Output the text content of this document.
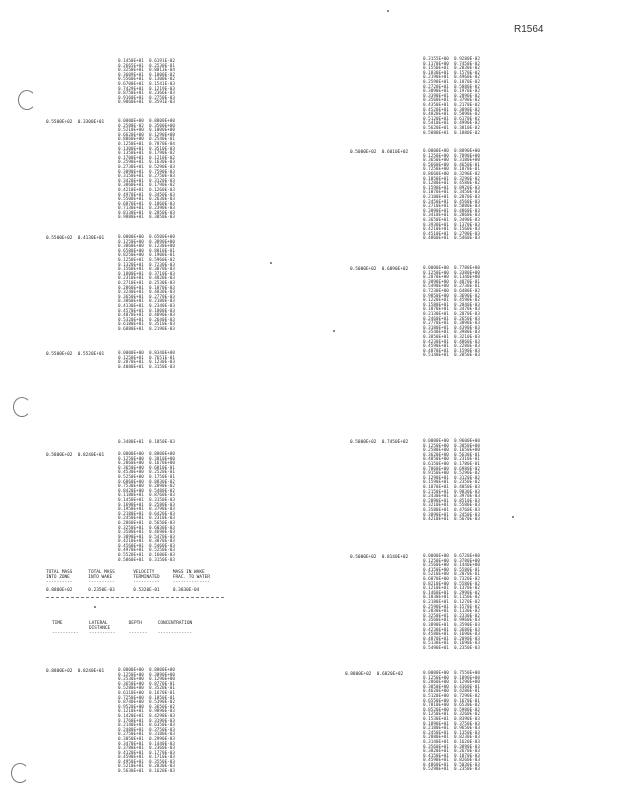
R1564
0.1450E+01  0.6191E-02
0.2665E+01  0.2530E-01
0.3250E+01  0.8013E-04
0.3609E+01  0.1000E-02
0.5560E+01  0.1300E-02
0.6700E+01  0.1541E-03
0.7429E+01  0.1219E-03
0.8750E+01  0.2366E-03
0.9160E+01  0.2750E-03
0.9860E+01  0.3591E-03
0.5500E+02  0.3300E+01	0.0000E+00  0.8800E+00
0.2580E-02  0.3500E+00
0.5210E+00  0.1000E+00
0.6620E+00  0.1290E+00
0.8860E+00  0.2540E-01
0.1250E+01  0.7870E-04
0.1300E+01  0.3510E-03
0.1350E+01  0.1790E-02
0.1700E+01  0.1210E-02
0.2590E+01  0.1630E-03
0.2730E+01  0.5290E-03
0.3090E+01  0.7590E-03
0.3150E+01  0.2750E-03
0.3420E+01  0.3120E-03
0.3860E+01  0.1790E-02
0.4210E+01  0.1260E-03
0.4970E+01  0.3450E-03
0.5500E+01  0.2630E-03
0.6870E+01  0.1860E-03
0.7130E+01  0.2390E-03
0.8130E+01  0.2850E-03
0.9880E+01  0.3050E-03
0.5500E+02  0.4130E+01	0.0000E+00  0.6500E+00
0.1250E+00  0.3890E+00
0.3860E+00  0.1230E+00
0.6580E+00  0.8010E-01
0.8250E+00  0.1900E-01
0.1250E+01  0.5960E-02
0.1320E+01  0.7230E-03
0.1560E+01  0.3070E-03
0.1800E+01  0.3710E-03
0.2310E+01  0.4820E-03
0.2710E+01  0.2530E-03
0.2860E+01  0.1870E-03
0.3240E+01  0.4830E-03
0.3650E+01  0.2770E-03
0.3860E+01  0.2180E-03
0.4130E+01  0.2340E-03
0.4570E+01  0.1800E-03
0.4870E+01  0.4890E-03
0.5320E+01  0.2640E-03
0.6180E+01  0.3510E-03
0.6880E+01  0.2190E-03
0.5500E+02  0.5520E+01	0.0000E+00  0.8340E+00
0.1250E+01  0.7651E-01
0.2870E+01  0.1230E-03
0.4080E+01  0.3150E-03
0.3480E+01  0.1850E-03
0.5800E+02  0.8240E+01	0.0000E+00  0.8800E+00
0.1250E+00  0.3810E+00
0.2860E+00  0.1670E+00
0.3650E+00  0.6810E-01
0.4530E+00  0.2520E-01
0.5250E+00  0.1750E-01
0.6860E+00  0.8830E-02
0.7530E+00  0.2890E-02
0.8420E+00  0.5480E-02
0.1180E+01  0.8760E-03
0.1450E+01  0.3150E-03
0.1690E+01  0.2580E-03
0.1950E+01  0.3790E-03
0.2180E+01  0.6420E-03
0.2450E+01  0.2310E-03
0.2860E+01  0.5650E-03
0.3250E+01  0.6030E-03
0.3580E+01  0.4690E-03
0.3890E+01  0.5470E-03
0.4210E+01  0.3870E-03
0.4560E+01  0.5460E-03
0.4970E+01  0.5250E-03
0.5520E+01  0.1600E-03
0.5860E+01  0.3150E-03
TOTAL MASS      TOTAL MASS       VELOCITY       MASS IN WAKE
INTO ZONE       INTO WAKE        TERMINATED     FRAC. TO WATER
----------      ----------       ----------     --------------
0.8800E+02      0.2350E-03       0.5320E-01     0.3830E-04
TIME          LATERAL        DEPTH      CONCENTRATION
DISTANCE
----------    ----------     -------    -------------
0.8800E+02  0.8240E+01	0.0000E+00  0.8800E+00
0.1250E+00  0.3890E+00
0.2530E+00  0.1290E+00
0.3650E+00  0.8770E-01
0.5280E+00  0.3520E-01
0.6110E+00  0.1670E-01
0.7250E+00  0.1850E-01
0.8740E+00  0.5390E-02
0.9520E+00  0.3650E-02
0.1210E+01  0.9890E-03
0.1420E+01  0.4290E-03
0.1760E+01  0.3190E-03
0.2140E+01  0.6350E-03
0.2480E+01  0.3750E-03
0.2750E+01  0.3180E-03
0.3050E+01  0.2990E-03
0.3470E+01  0.1440E-03
0.3780E+01  0.2360E-03
0.4120E+01  0.1770E-03
0.4590E+01  0.1710E-03
0.4950E+01  0.3550E-03
0.5210E+01  0.2830E-03
0.5630E+01  0.1620E-03
0.3155E+00  0.9280E-02
0.1170E+00  0.7450E-02
0.1550E+01  0.2830E-02
0.1830E+01  0.1570E-02
0.2190E+01  0.4960E-02
0.2590E+01  0.1870E-02
0.2720E+01  0.5880E-02
0.3090E+01  0.1970E-02
0.3390E+01  0.2890E-02
0.3560E+01  0.3790E-02
0.4350E+01  0.2170E-02
0.4520E+01  0.3890E-02
0.4820E+01  0.5890E-02
0.5120E+01  0.6170E-02
0.5410E+01  0.4990E-02
0.5620E+01  0.3810E-02
0.5880E+01  0.1880E-02
0.5000E+02  0.6010E+02	0.0000E+00  0.8890E+00
0.1250E+00  0.7890E+00
0.3650E+00  0.3180E+00
0.5660E+00  0.4650E-01
0.7250E+00  0.1870E-01
0.8660E+00  0.3290E-02
0.1050E+01  0.3290E-02
0.1280E+01  0.4580E-02
0.1590E+01  0.8920E-03
0.1870E+01  0.3450E-03
0.2180E+01  0.2870E-03
0.2450E+01  0.4560E-03
0.2710E+01  0.5880E-03
0.3090E+01  0.4860E-03
0.3410E+01  0.2860E-03
0.3650E+01  0.3490E-03
0.3930E+01  0.1370E-03
0.4210E+01  0.1560E-03
0.4510E+01  0.2790E-03
0.4860E+01  0.5460E-03
0.5000E+02  0.6890E+02	0.0000E+00  0.7780E+00
0.1250E+00  0.3380E+00
0.2870E+00  0.1340E+00
0.3890E+00  0.4870E-01
0.5490E+00  0.2730E-01
0.7230E+00  0.6480E-02
0.9850E+00  0.3690E-02
0.1220E+01  0.4590E-02
0.1580E+01  0.2840E-03
0.1870E+01  0.3470E-03
0.2130E+01  0.2870E-03
0.2460E+01  0.2650E-03
0.2770E+01  0.3890E-03
0.3180E+01  0.4390E-03
0.3540E+01  0.3980E-03
0.3850E+01  0.3210E-03
0.4230E+01  0.4860E-03
0.4590E+01  0.2280E-03
0.4870E+01  0.1590E-03
0.5140E+01  0.2850E-03
0.5000E+02  0.7450E+02	0.0000E+00  0.9600E+00
0.1250E+00  0.3850E+00
0.2580E+00  0.1650E+00
0.3620E+00  0.5630E-01
0.4850E+00  0.2310E-01
0.6150E+00  0.1780E-01
0.7860E+00  0.6980E-02
0.9150E+00  0.5290E-02
0.1290E+01  0.3120E-02
0.1590E+01  0.2350E-02
0.1870E+01  0.4050E-03
0.2150E+01  0.9830E-03
0.2430E+01  0.3970E-03
0.2890E+01  0.8510E-03
0.3210E+01  0.5580E-03
0.3580E+01  0.4760E-03
0.3890E+01  0.2450E-03
0.4210E+01  0.5670E-03
0.5000E+02  0.8140E+02	0.0000E+00  0.6720E+00
0.1250E+00  0.3780E+00
0.2560E+00  0.1440E+00
0.4150E+00  0.5580E-01
0.5210E+00  0.2070E-01
0.6870E+00  0.7320E-02
0.8210E+00  0.5580E-02
0.1210E+01  0.1370E-02
0.1460E+01  0.2990E-02
0.1830E+01  0.1150E-02
0.2180E+01  0.1270E-02
0.2590E+01  0.1570E-02
0.2830E+01  0.1130E-02
0.3250E+01  0.2330E-02
0.3560E+01  0.9960E-03
0.3890E+01  0.3590E-03
0.4230E+01  0.3680E-03
0.4580E+01  0.1690E-03
0.4870E+01  0.2090E-03
0.5130E+01  0.1690E-03
0.5490E+01  0.2350E-03
0.8800E+02  0.6820E+02	0.0000E+00  0.7550E+00
0.1250E+00  0.1890E+00
0.2860E+00  0.1290E+00
0.3850E+00  0.4360E-01
0.4620E+00  0.4280E-01
0.5120E+00  0.7290E-02
0.6550E+00  0.1670E-01
0.7810E+00  0.6530E-02
0.8520E+00  0.5980E-02
0.1250E+01  0.3260E-02
0.1530E+01  0.8390E-03
0.1890E+01  0.3750E-03
0.2180E+01  0.9650E-03
0.2450E+01  0.1350E-03
0.2880E+01  0.8230E-03
0.3140E+01  0.1620E-03
0.3560E+01  0.3890E-03
0.3820E+01  0.2670E-03
0.4150E+01  0.1870E-03
0.4590E+01  0.8260E-03
0.4860E+01  0.5030E-03
0.5290E+01  0.2350E-03
